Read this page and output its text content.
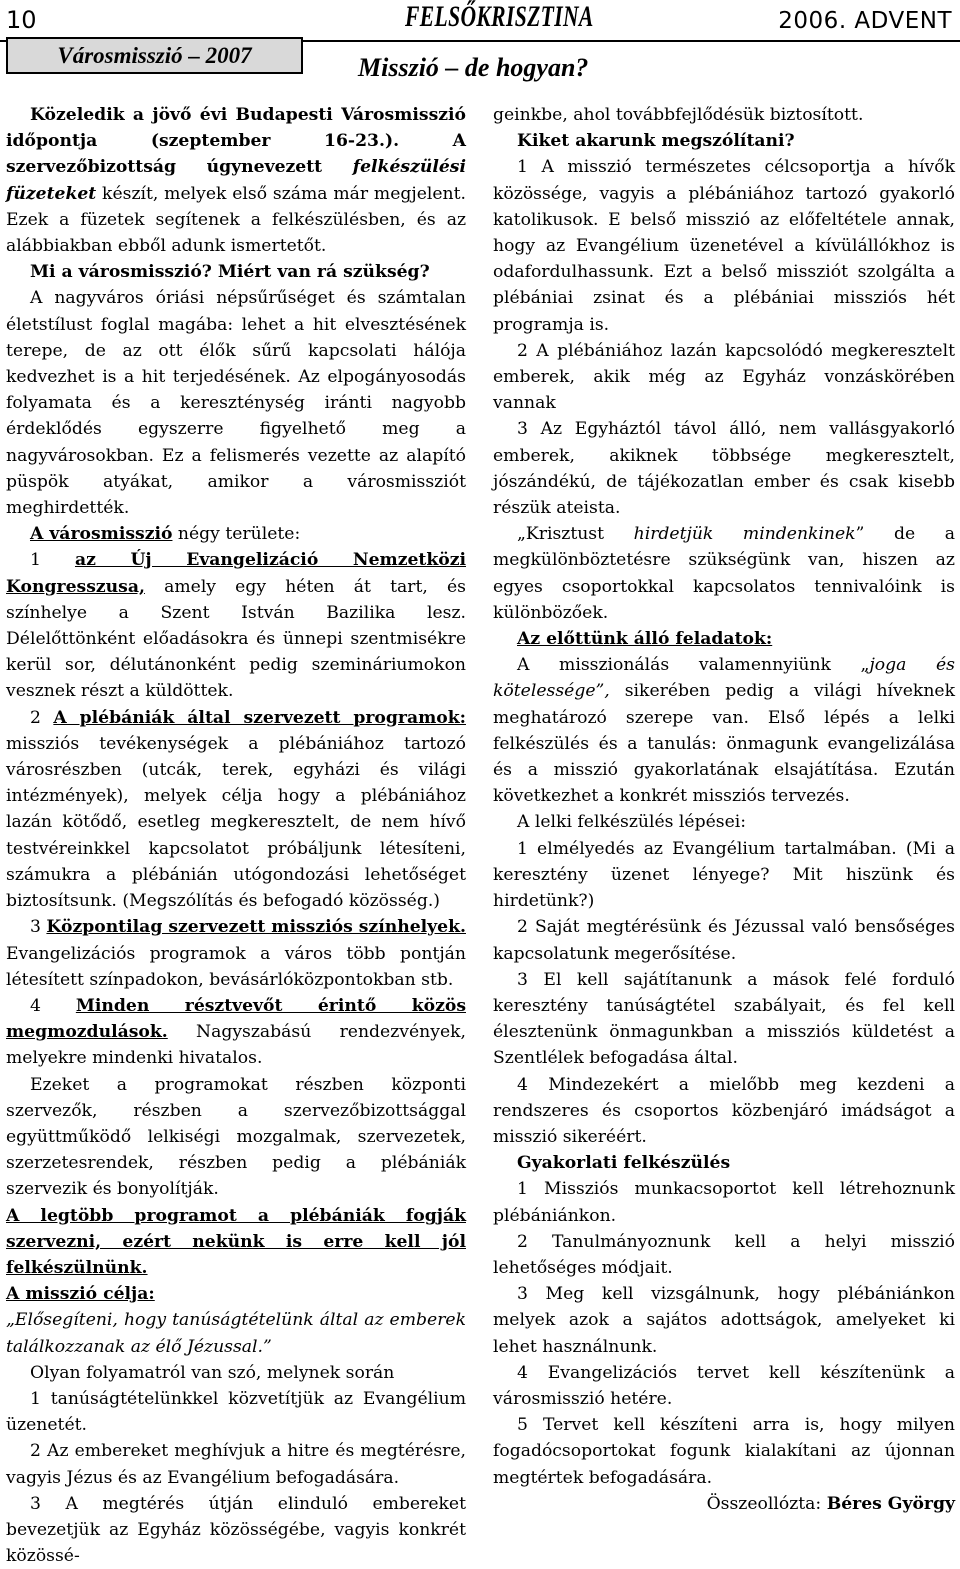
10	FELSŐKRISZTINA	2006. ADVENT
Városmisszió – 2007	Misszió – de hogyan?

Közeledik a jövő évi Budapesti Városmisszió időpontja (szeptember 16-23.). A szervezőbizottság úgynevezett felkészülési füzeteket készít, melyek első száma már megjelent. Ezek a füzetek segítenek a felkészülésben, és az alábbiakban ebből adunk ismertetőt.

Mi a városmisszió? Miért van rá szükség?

A nagyváros óriási népsűrűséget és számtalan életstílust foglal magába: lehet a hit elvesztésének terepe, de az ott élők sűrű kapcsolati hálója kedvezhet is a hit terjedésének. Az elpogányosodás folyamata és a kereszténység iránti nagyobb érdeklődés egyszerre figyelhető meg a nagyvárosokban. Ez a felismerés vezette az alapító püspök atyákat, amikor a városmissziót meghirdették.

A városmisszió négy területe:

1 az Új Evangelizáció Nemzetközi Kongresszusa, amely egy héten át tart, és színhelye a Szent István Bazilika lesz. Délelőttönként előadásokra és ünnepi szentmisékre kerül sor, délutánonként pedig szemináriumokon vesznek részt a küldöttek.

2 A plébániák által szervezett programok: missziós tevékenységek a plébániához tartozó városrészben (utcák, terek, egyházi és világi intézmények), melyek célja hogy a plébániához lazán kötődő, esetleg megkeresztelt, de nem hívő testvéreinkkel kapcsolatot próbáljunk létesíteni, számukra a plébánián utógondozási lehetőséget biztosítsunk. (Megszólítás és befogadó közösség.)

3 Központilag szervezett missziós színhelyek. Evangelizációs programok a város több pontján létesített színpadokon, bevásárlóközpontokban stb.

4 Minden résztvevőt érintő közös megmozdulások. Nagyszabású rendezvények, melyekre mindenki hivatalos.

Ezeket a programokat részben központi szervezők, részben a szervezőbizottsággal együttműködő lelkiségi mozgalmak, szervezetek, szerzetesrendek, részben pedig a plébániák szervezik és bonyolítják.

A legtöbb programot a plébániák fogják szervezni, ezért nekünk is erre kell jól felkészülnünk.

A misszió célja:

„Elősegíteni, hogy tanúságtételünk által az emberek találkozzanak az élő Jézussal.”

Olyan folyamatról van szó, melynek során

1 tanúságtételünkkel közvetítjük az Evangélium üzenetét.

2 Az embereket meghívjuk a hitre és megtérésre, vagyis Jézus és az Evangélium befogadására.

3 A megtérés útján elinduló embereket bevezetjük az Egyház közösségébe, vagyis konkrét közössé-

geinkbe, ahol továbbfejlődésük biztosított.

Kiket akarunk megszólítani?

1 A misszió természetes célcsoportja a hívők közössége, vagyis a plébániához tartozó gyakorló katolikusok. E belső misszió az előfeltétele annak, hogy az Evangélium üzenetével a kívülállókhoz is odafordulhassunk. Ezt a belső missziót szolgálta a plébániai zsinat és a plébániai missziós hét programja is.

2 A plébániához lazán kapcsolódó megkeresztelt emberek, akik még az Egyház vonzáskörében vannak

3 Az Egyháztól távol álló, nem vallásgyakorló emberek, akiknek többsége megkeresztelt, jószándékú, de tájékozatlan ember és csak kisebb részük ateista.

„Krisztust hirdetjük mindenkinek” de a megkülönböztetésre szükségünk van, hiszen az egyes csoportokkal kapcsolatos tennivalóink is különbözőek.

Az előttünk álló feladatok:

A misszionálás valamennyiünk „joga és kötelessége”, sikerében pedig a világi híveknek meghatározó szerepe van. Első lépés a lelki felkészülés és a tanulás: önmagunk evangelizálása és a misszió gyakorlatának elsajátítása. Ezután következhet a konkrét missziós tervezés.

A lelki felkészülés lépései:

1 elmélyedés az Evangélium tartalmában. (Mi a keresztény üzenet lényege? Mit hiszünk és hirdetünk?)

2 Saját megtérésünk és Jézussal való bensőséges kapcsolatunk megerősítése.

3 El kell sajátítanunk a mások felé forduló keresztény tanúságtétel szabályait, és fel kell élesztenünk önmagunkban a missziós küldetést a Szentlélek befogadása által.

4 Mindezekért a mielőbb meg kezdeni a rendszeres és csoportos közbenjáró imádságot a misszió sikeréért.

Gyakorlati felkészülés

1 Missziós munkacsoportot kell létrehoznunk plébániánkon.

2 Tanulmányoznunk kell a helyi misszió lehetőséges módjait.

3 Meg kell vizsgálnunk, hogy plébániánkon melyek azok a sajátos adottságok, amelyeket ki lehet használnunk.

4 Evangelizációs tervet kell készítenünk a városmisszió hetére.

5 Tervet kell készíteni arra is, hogy milyen fogadócsoportokat fogunk kialakítani az újonnan megtértek befogadására.

Összeollózta: Béres György
